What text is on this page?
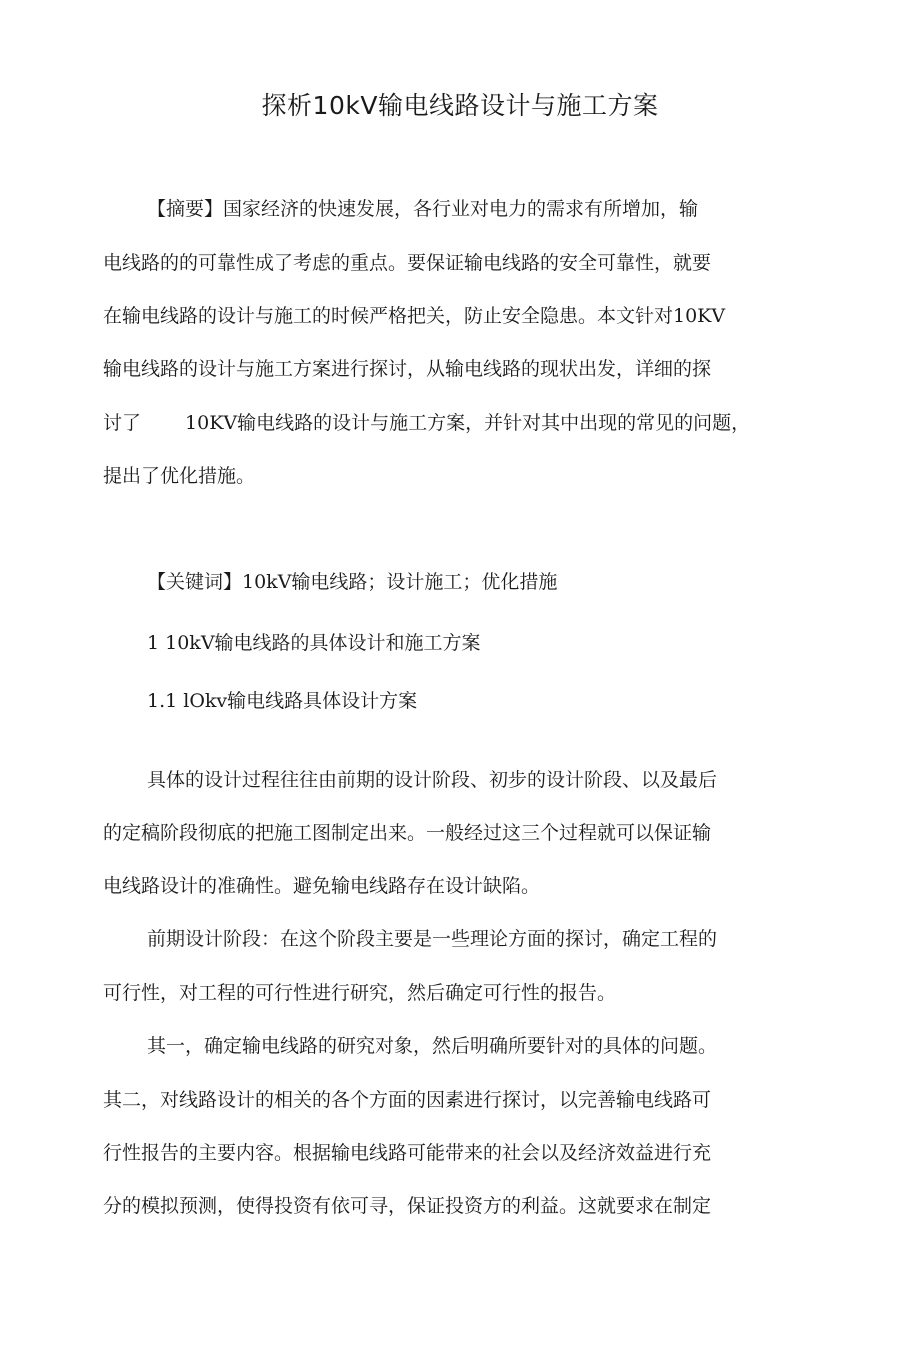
探析10kV输电线路设计与施工方案

【摘要】国家经济的快速发展，各行业对电力的需求有所增加，输

电线路的的可靠性成了考虑的重点。要保证输电线路的安全可靠性，就要

在输电线路的设计与施工的时候严格把关，防止安全隐患。本文针对10KV

输电线路的设计与施工方案进行探讨，从输电线路的现状出发，详细的探

讨了 10KV输电线路的设计与施工方案，并针对其中出现的常见的问题，

提出了优化措施。

【关键词】10kV输电线路；设计施工；优化措施

1 10kV输电线路的具体设计和施工方案

1.1 lOkv输电线路具体设计方案

具体的设计过程往往由前期的设计阶段、初步的设计阶段、以及最后

的定稿阶段彻底的把施工图制定出来。一般经过这三个过程就可以保证输

电线路设计的准确性。避免输电线路存在设计缺陷。

前期设计阶段：在这个阶段主要是一些理论方面的探讨，确定工程的

可行性，对工程的可行性进行研究，然后确定可行性的报告。

其一，确定输电线路的研究对象，然后明确所要针对的具体的问题。

其二，对线路设计的相关的各个方面的因素进行探讨，以完善输电线路可

行性报告的主要内容。根据输电线路可能带来的社会以及经济效益进行充

分的模拟预测，使得投资有依可寻，保证投资方的利益。这就要求在制定
